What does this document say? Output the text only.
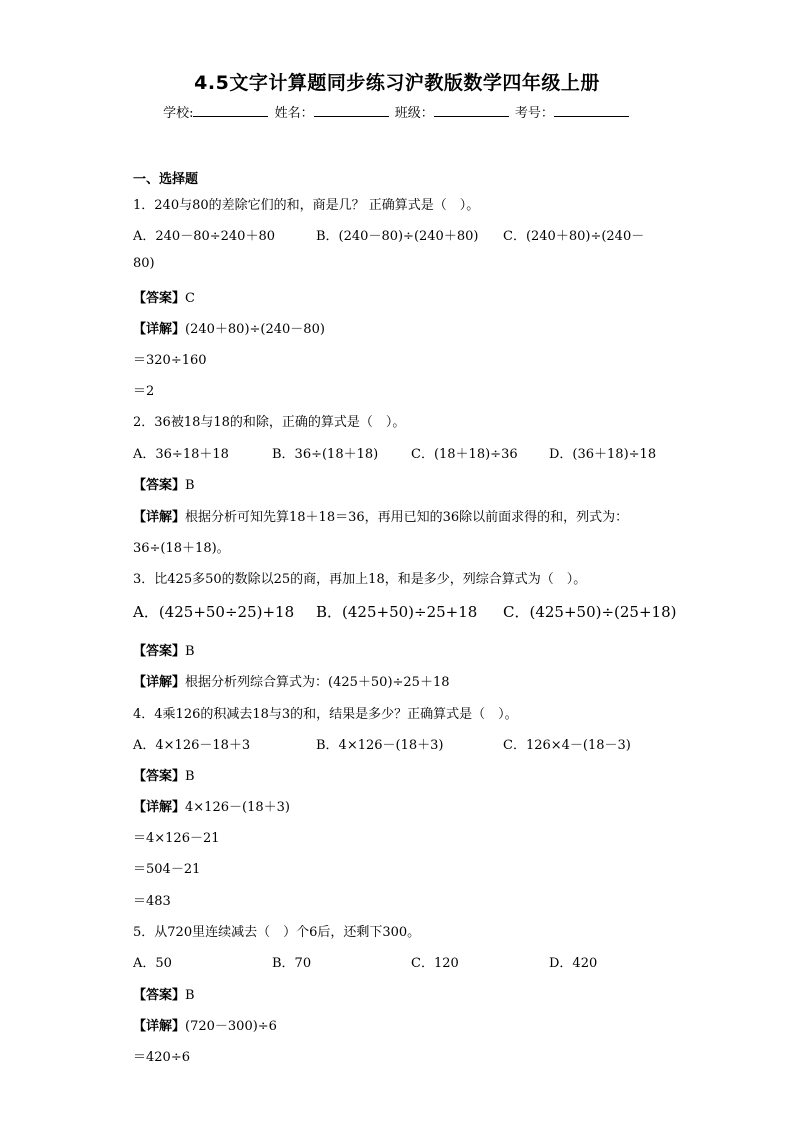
4.5文字计算题同步练习沪教版数学四年级上册
学校:	姓名：	班级：	考号：
一、选择题
1．240与80的差除它们的和，商是几？ 正确算式是（　）。
A．240－80÷240＋80	B．(240－80)÷(240＋80) C．(240＋80)÷(240－
80)
【答案】C
【详解】(240＋80)÷(240－80)
＝320÷160
＝2
2．36被18与18的和除，正确的算式是（　）。
A．36÷18＋18	B．36÷(18＋18)	C．(18＋18)÷36 D．(36＋18)÷18
【答案】B
【详解】根据分析可知先算18＋18＝36，再用已知的36除以前面求得的和，列式为：
36÷(18＋18)。
3．比425多50的数除以25的商，再加上18，和是多少，列综合算式为（　）。
A．(425+50÷25)+18 B．(425+50)÷25+18 C．(425+50)÷(25+18)
【答案】B
【详解】根据分析列综合算式为：(425＋50)÷25＋18
4．4乘126的积减去18与3的和，结果是多少？正确算式是（　）。
A．4×126－18＋3	B．4×126－(18＋3)	C．126×4－(18－3)
【答案】B
【详解】4×126－(18＋3)
＝4×126－21
＝504－21
＝483
5．从720里连续减去（　）个6后，还剩下300。
A．50	B．70	C．120	D．420
【答案】B
【详解】(720－300)÷6
＝420÷6
